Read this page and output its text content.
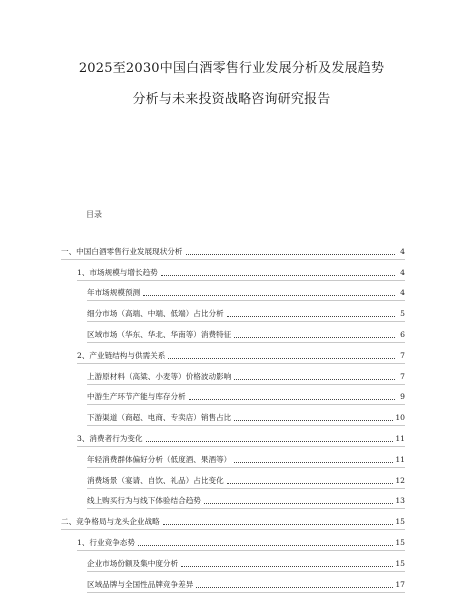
2025至2030中国白酒零售行业发展分析及发展趋势
分析与未来投资战略咨询研究报告
目录
一、中国白酒零售行业发展现状分析	4
1、市场规模与增长趋势	4
年市场规模预测	4
细分市场（高端、中端、低端）占比分析	5
区域市场（华东、华北、华南等）消费特征	6
2、产业链结构与供需关系	7
上游原材料（高粱、小麦等）价格波动影响	7
中游生产环节产能与库存分析	9
下游渠道（商超、电商、专卖店）销售占比	10
3、消费者行为变化	11
年轻消费群体偏好分析（低度酒、果酒等）	11
消费场景（宴请、自饮、礼品）占比变化	12
线上购买行为与线下体验结合趋势	13
二、竞争格局与龙头企业战略	15
1、行业竞争态势	15
企业市场份额及集中度分析	15
区域品牌与全国性品牌竞争差异	17
